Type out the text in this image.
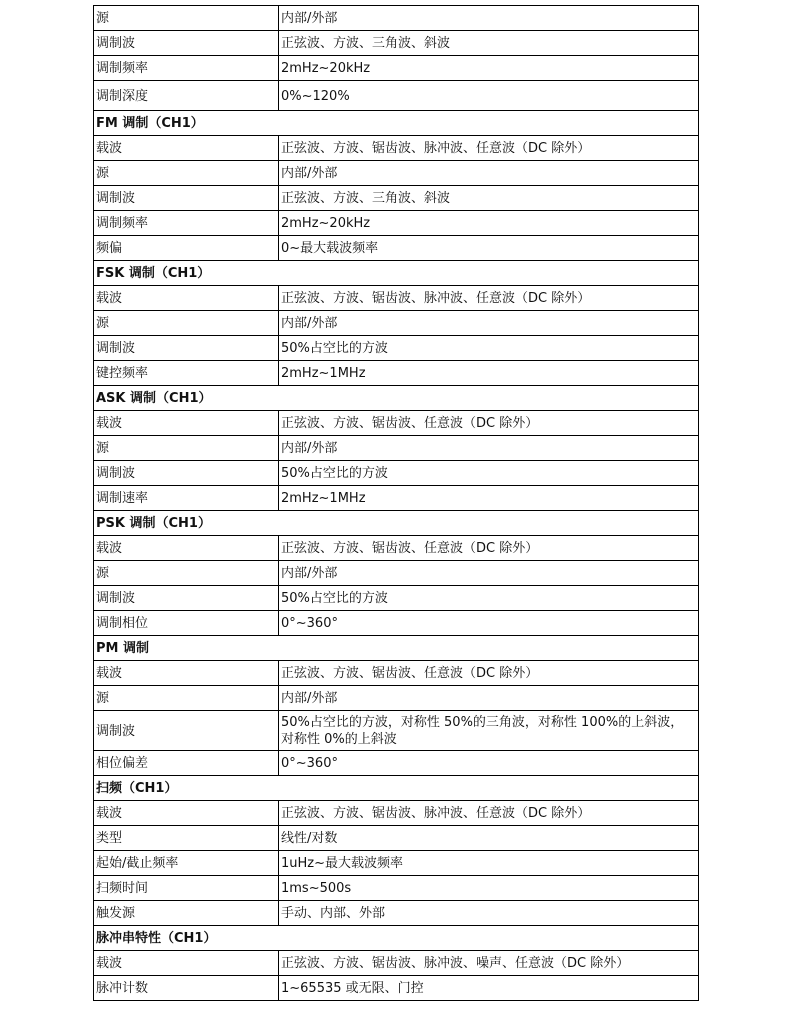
源	内部/外部
调制波	正弦波、方波、三角波、斜波
调制频率	2mHz~20kHz
调制深度	0%~120%
FM 调制（CH1）	
载波	正弦波、方波、锯齿波、脉冲波、任意波（DC 除外）
源	内部/外部
调制波	正弦波、方波、三角波、斜波
调制频率	2mHz~20kHz
频偏	0~最大载波频率
FSK 调制（CH1）	
载波	正弦波、方波、锯齿波、脉冲波、任意波（DC 除外）
源	内部/外部
调制波	50%占空比的方波
键控频率	2mHz~1MHz
ASK 调制（CH1）	
载波	正弦波、方波、锯齿波、任意波（DC 除外）
源	内部/外部
调制波	50%占空比的方波
调制速率	2mHz~1MHz
PSK 调制（CH1）	
载波	正弦波、方波、锯齿波、任意波（DC 除外）
源	内部/外部
调制波	50%占空比的方波
调制相位	0°~360°
PM 调制	
载波	正弦波、方波、锯齿波、任意波（DC 除外）
源	内部/外部
调制波	50%占空比的方波，对称性 50%的三角波，对称性 100%的上斜波，对称性 0%的上斜波
相位偏差	0°~360°
扫频（CH1）	
载波	正弦波、方波、锯齿波、脉冲波、任意波（DC 除外）
类型	线性/对数
起始/截止频率	1uHz~最大载波频率
扫频时间	1ms~500s
触发源	手动、内部、外部
脉冲串特性（CH1）	
载波	正弦波、方波、锯齿波、脉冲波、噪声、任意波（DC 除外）
脉冲计数	1~65535 或无限、门控
